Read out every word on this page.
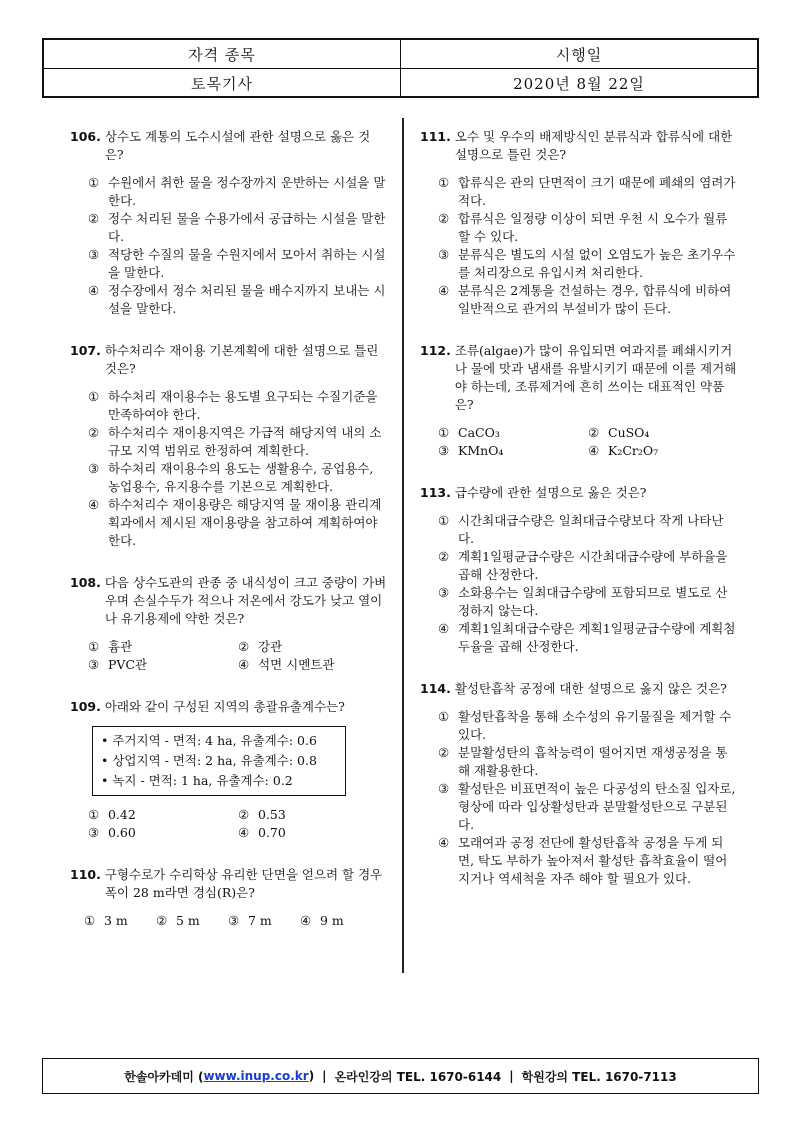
자격 종목	시행일
토목기사	2020년 8월 22일
106. 상수도 계통의 도수시설에 관한 설명으로 옳은 것은?
① 수원에서 취한 물을 정수장까지 운반하는 시설을 말한다.
② 정수 처리된 물을 수용가에서 공급하는 시설을 말한다.
③ 적당한 수질의 물을 수원지에서 모아서 취하는 시설을 말한다.
④ 정수장에서 정수 처리된 물을 배수지까지 보내는 시설을 말한다.
107. 하수처리수 재이용 기본계획에 대한 설명으로 틀린 것은?
① 하수처리 재이용수는 용도별 요구되는 수질기준을 만족하여야 한다.
② 하수처리수 재이용지역은 가급적 해당지역 내의 소규모 지역 범위로 한정하여 계획한다.
③ 하수처리 재이용수의 용도는 생활용수, 공업용수, 농업용수, 유지용수를 기본으로 계획한다.
④ 하수처리수 재이용량은 해당지역 물 재이용 관리계획과에서 제시된 재이용량을 참고하여 계획하여야 한다.
108. 다음 상수도관의 관종 중 내식성이 크고 중량이 가벼우며 손실수두가 적으나 저온에서 강도가 낮고 열이나 유기용제에 약한 것은?
① 흄관	② 강관
③ PVC관	④ 석면 시멘트관
109. 아래와 같이 구성된 지역의 총괄유출계수는?
• 주거지역 - 면적: 4 ha, 유출계수: 0.6
• 상업지역 - 면적: 2 ha, 유출계수: 0.8
• 녹지 - 면적: 1 ha, 유출계수: 0.2
① 0.42	② 0.53
③ 0.60	④ 0.70
110. 구형수로가 수리학상 유리한 단면을 얻으려 할 경우 폭이 28 m라면 경심(R)은?
① 3 m	② 5 m	③ 7 m	④ 9 m
111. 오수 및 우수의 배제방식인 분류식과 합류식에 대한 설명으로 틀린 것은?
① 합류식은 관의 단면적이 크기 때문에 폐쇄의 염려가 적다.
② 합류식은 일정량 이상이 되면 우천 시 오수가 월류할 수 있다.
③ 분류식은 별도의 시설 없이 오염도가 높은 초기우수를 처리장으로 유입시켜 처리한다.
④ 분류식은 2계통을 건설하는 경우, 합류식에 비하여 일반적으로 관거의 부설비가 많이 든다.
112. 조류(algae)가 많이 유입되면 여과지를 폐쇄시키거나 물에 맛과 냄새를 유발시키기 때문에 이를 제거해야 하는데, 조류제거에 흔히 쓰이는 대표적인 약품은?
① CaCO₃	② CuSO₄
③ KMnO₄	④ K₂Cr₂O₇
113. 급수량에 관한 설명으로 옳은 것은?
① 시간최대급수량은 일최대급수량보다 작게 나타난다.
② 계획1일평균급수량은 시간최대급수량에 부하율을 곱해 산정한다.
③ 소화용수는 일최대급수량에 포함되므로 별도로 산정하지 않는다.
④ 계획1일최대급수량은 계획1일평균급수량에 계획첨두율을 곱해 산정한다.
114. 활성탄흡착 공정에 대한 설명으로 옳지 않은 것은?
① 활성탄흡착을 통해 소수성의 유기물질을 제거할 수 있다.
② 분말활성탄의 흡착능력이 떨어지면 재생공정을 통해 재활용한다.
③ 활성탄은 비표면적이 높은 다공성의 탄소질 입자로, 형상에 따라 입상활성탄과 분말활성탄으로 구분된다.
④ 모래여과 공정 전단에 활성탄흡착 공정을 두게 되면, 탁도 부하가 높아져서 활성탄 흡착효율이 떨어지거나 역세척을 자주 해야 할 필요가 있다.
한솔아카데미 ( www.inup.co.kr ) | 온라인강의 TEL. 1670-6144 | 학원강의 TEL. 1670-7113
